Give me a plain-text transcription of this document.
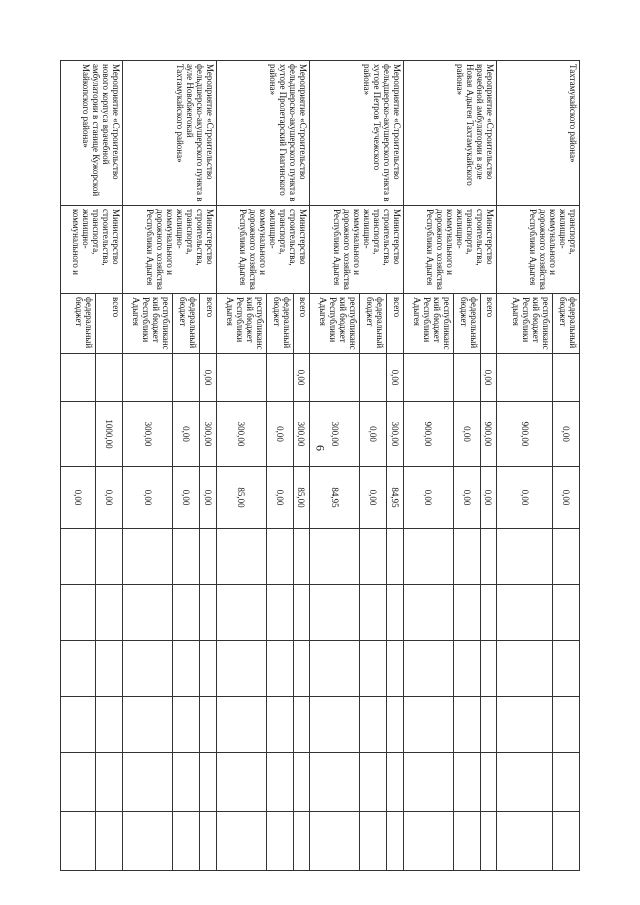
6
Тахтамукайского района»	транспорта, жилищно-коммунального и дорожного хозяйства Республики Адыгея	федеральный бюджет		0,00	0,00						
		республиканский бюджет Республики Адыгея		900,00	0,00						
Мероприятие «Строительство врачебной амбулатории в ауле Новая Адыгея Тахтамукайского района»	Министерство строительства, транспорта, жилищно-коммунального и дорожного хозяйства Республики Адыгея	всего	0,00	900,00	0,00						
		федеральный бюджет		0,00	0,00						
		республиканский бюджет Республики Адыгея		900,00	0,00						
Мероприятие «Строительство фельдшерско-акушерского пункта в хуторе Петров Теучежского района»	Министерство строительства, транспорта, жилищно-коммунального и дорожного хозяйства Республики Адыгея	всего	0,00	300,00	84,95						
		федеральный бюджет		0,00	0,00						
		республиканский бюджет Республики Адыгея		300,00	84,95						
Мероприятие «Строительство фельдшерско-акушерского пункта в хуторе Пролетарский Гиагинского района»	Министерство строительства, транспорта, жилищно-коммунального и дорожного хозяйства Республики Адыгея	всего	0,00	300,00	85,00						
		федеральный бюджет		0,00	0,00						
		республиканский бюджет Республики Адыгея		300,00	85,00						
Мероприятие «Строительство фельдшерско-акушерского пункта в ауле Новобжегокай Тахтамукайского района»	Министерство строительства, транспорта, жилищно-коммунального и дорожного хозяйства Республики Адыгея	всего	0,00	300,00	0,00						
		федеральный бюджет		0,00	0,00						
		республиканский бюджет Республики Адыгея		300,00	0,00						
Мероприятие «Строительство нового корпуса врачебной амбулатории в станице Кужорской Майкопского района»	Министерство строительства, транспорта, жилищно-коммунального и	всего		1000,00	0,00						
		федеральный бюджет			0,00						
